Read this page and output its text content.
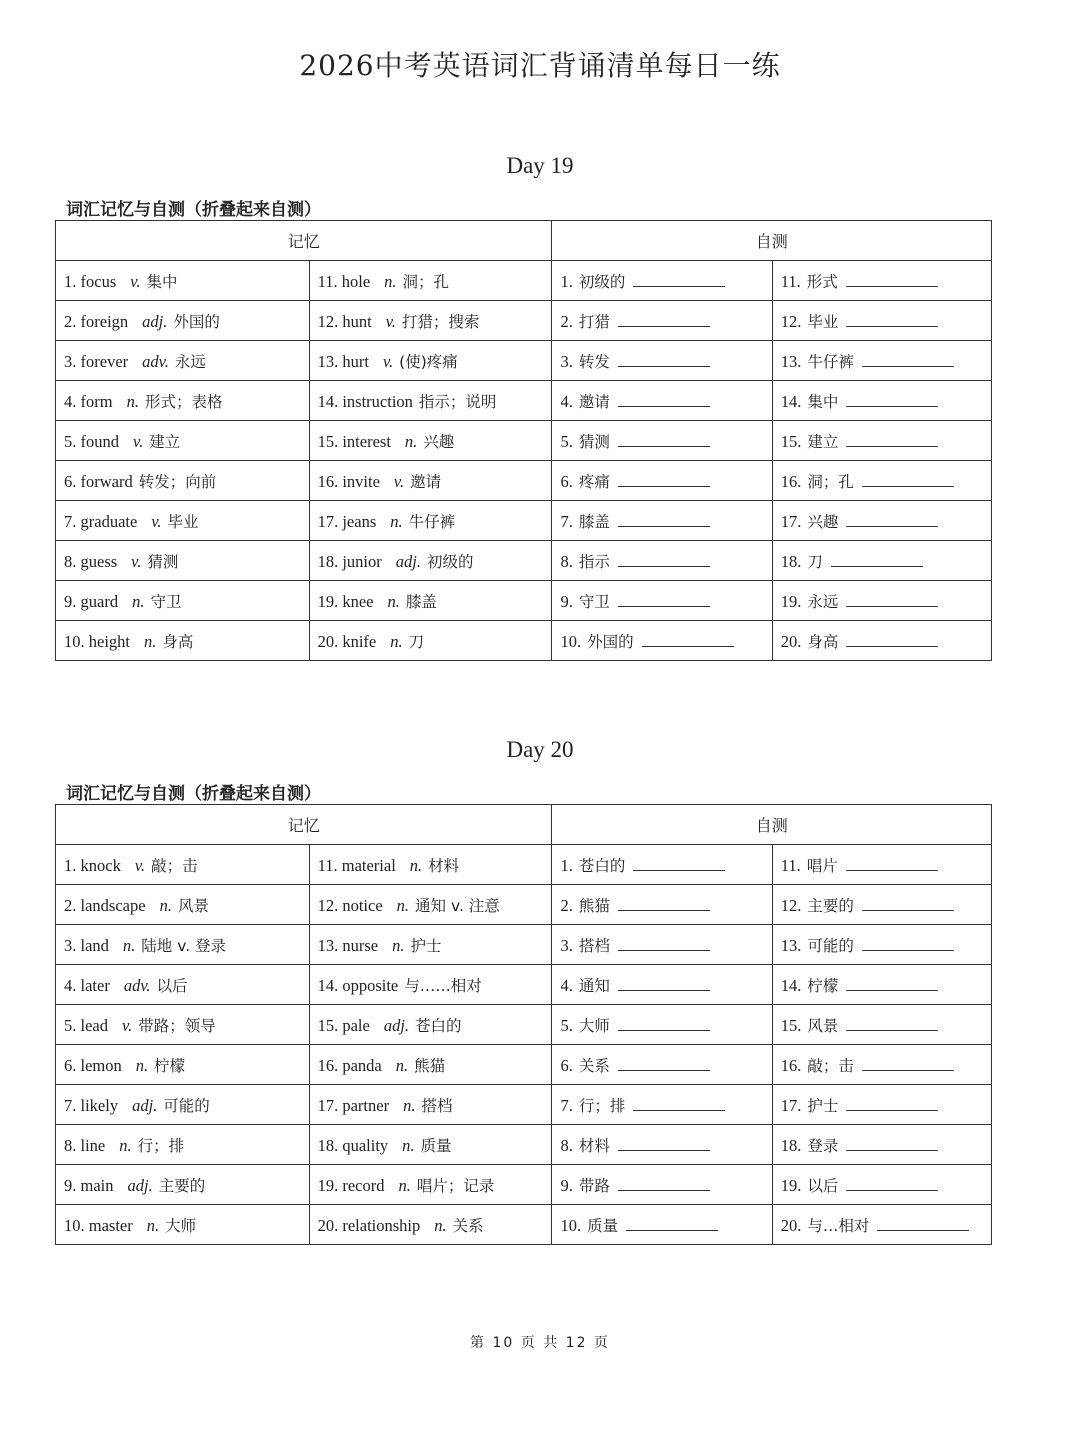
2026中考英语词汇背诵清单每日一练
Day 19
词汇记忆与自测（折叠起来自测）
记忆		自测	
1. focus v. 集中	11. hole n. 洞；孔	1. 初级的	11. 形式
2. foreign adj. 外国的	12. hunt v. 打猎；搜索	2. 打猎	12. 毕业
3. forever adv. 永远	13. hurt v. (使)疼痛	3. 转发	13. 牛仔裤
4. form n. 形式；表格	14. instruction 指示；说明	4. 邀请	14. 集中
5. found v. 建立	15. interest n. 兴趣	5. 猜测	15. 建立
6. forward 转发；向前	16. invite v. 邀请	6. 疼痛	16. 洞；孔
7. graduate v. 毕业	17. jeans n. 牛仔裤	7. 膝盖	17. 兴趣
8. guess v. 猜测	18. junior adj. 初级的	8. 指示	18. 刀
9. guard n. 守卫	19. knee n. 膝盖	9. 守卫	19. 永远
10. height n. 身高	20. knife n. 刀	10. 外国的	20. 身高
Day 20
词汇记忆与自测（折叠起来自测）
记忆		自测	
1. knock v. 敲；击	11. material n. 材料	1. 苍白的	11. 唱片
2. landscape n. 风景	12. notice n. 通知 v. 注意	2. 熊猫	12. 主要的
3. land n. 陆地 v. 登录	13. nurse n. 护士	3. 搭档	13. 可能的
4. later adv. 以后	14. opposite 与……相对	4. 通知	14. 柠檬
5. lead v. 带路；领导	15. pale adj. 苍白的	5. 大师	15. 风景
6. lemon n. 柠檬	16. panda n. 熊猫	6. 关系	16. 敲；击
7. likely adj. 可能的	17. partner n. 搭档	7. 行；排	17. 护士
8. line n. 行；排	18. quality n. 质量	8. 材料	18. 登录
9. main adj. 主要的	19. record n. 唱片；记录	9. 带路	19. 以后
10. master n. 大师	20. relationship n. 关系	10. 质量	20. 与…相对
第 10 页 共 12 页
